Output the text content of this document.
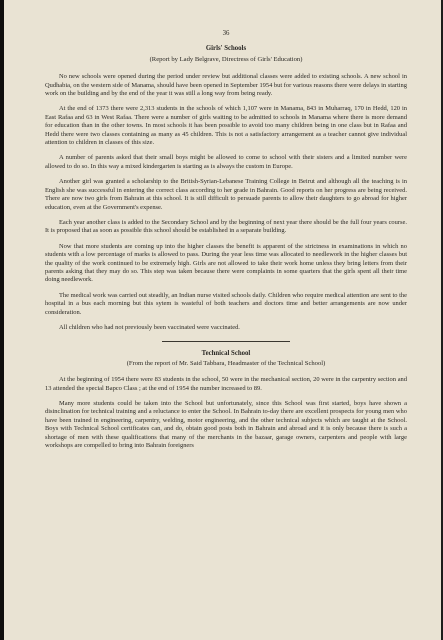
36
Girls' Schools
(Report by Lady Belgrave, Directress of Girls' Education)

No new schools were opened during the period under review but additional classes were added to existing schools. A new school in Qudhabia, on the western side of Manama, should have been opened in September 1954 but for various reasons there were delays in starting work on the building and by the end of the year it was still a long way from being ready.

At the end of 1373 there were 2,313 students in the schools of which 1,107 were in Manama, 843 in Muharraq, 170 in Hedd, 120 in East Rafaa and 63 in West Rafaa. There were a number of girls waiting to be admitted to schools in Manama where there is more demand for education than in the other towns. In most schools it has been possible to avoid too many children being in one class but in Rafaa and Hedd there were two classes containing as many as 45 children. This is not a satisfactory arrangement as a teacher cannot give individual attention to children in classes of this size.

A number of parents asked that their small boys might be allowed to come to school with their sisters and a limited number were allowed to do so. In this way a mixed kindergarten is starting as is always the custom in Europe.

Another girl was granted a scholarship to the British-Syrian-Lebanese Training College in Beirut and although all the teaching is in English she was successful in entering the correct class according to her grade in Bahrain. Good reports on her progress are being received. There are now two girls from Bahrain at this school. It is still difficult to persuade parents to allow their daughters to go abroad for higher education, even at the Government's expense.

Each year another class is added to the Secondary School and by the beginning of next year there should be the full four years course. It is proposed that as soon as possible this school should be established in a separate building.

Now that more students are coming up into the higher classes the benefit is apparent of the strictness in examinations in which no students with a low percentage of marks is allowed to pass. During the year less time was allocated to needlework in the higher classes but the quality of the work continued to be extremely high. Girls are not allowed to take their work home unless they bring letters from their parents asking that they may do so. This step was taken because there were complaints in some quarters that the girls spent all their time doing needlework.

The medical work was carried out steadily, an Indian nurse visited schools daily. Children who require medical attention are sent to the hospital in a bus each morning but this sytem is wasteful of both teachers and doctors time and better arrangements are now under consideration.

All children who had not previously been vaccinated were vaccinated.

Technical School
(From the report of Mr. Said Tabbara, Headmaster of the Technical School)

At the beginning of 1954 there were 83 students in the school, 50 were in the mechanical section, 20 were in the carpentry section and 13 attended the special Bapco Class ; at the end of 1954 the number increased to 89.

Many more students could be taken into the School but unfortunately, since this School was first started, boys have shown a disinclination for technical training and a reluctance to enter the School. In Bahrain to-day there are excellent prospects for young men who have been trained in engineering, carpentry, welding, motor engineering, and the other technical subjects which are taught at the School. Boys with Technical School certificates can, and do, obtain good posts both in Bahrain and abroad and it is only because there is such a shortage of men with these qualifications that many of the merchants in the bazaar, garage owners, carpenters and people with large workshops are compelled to bring into Bahrain foreigners
